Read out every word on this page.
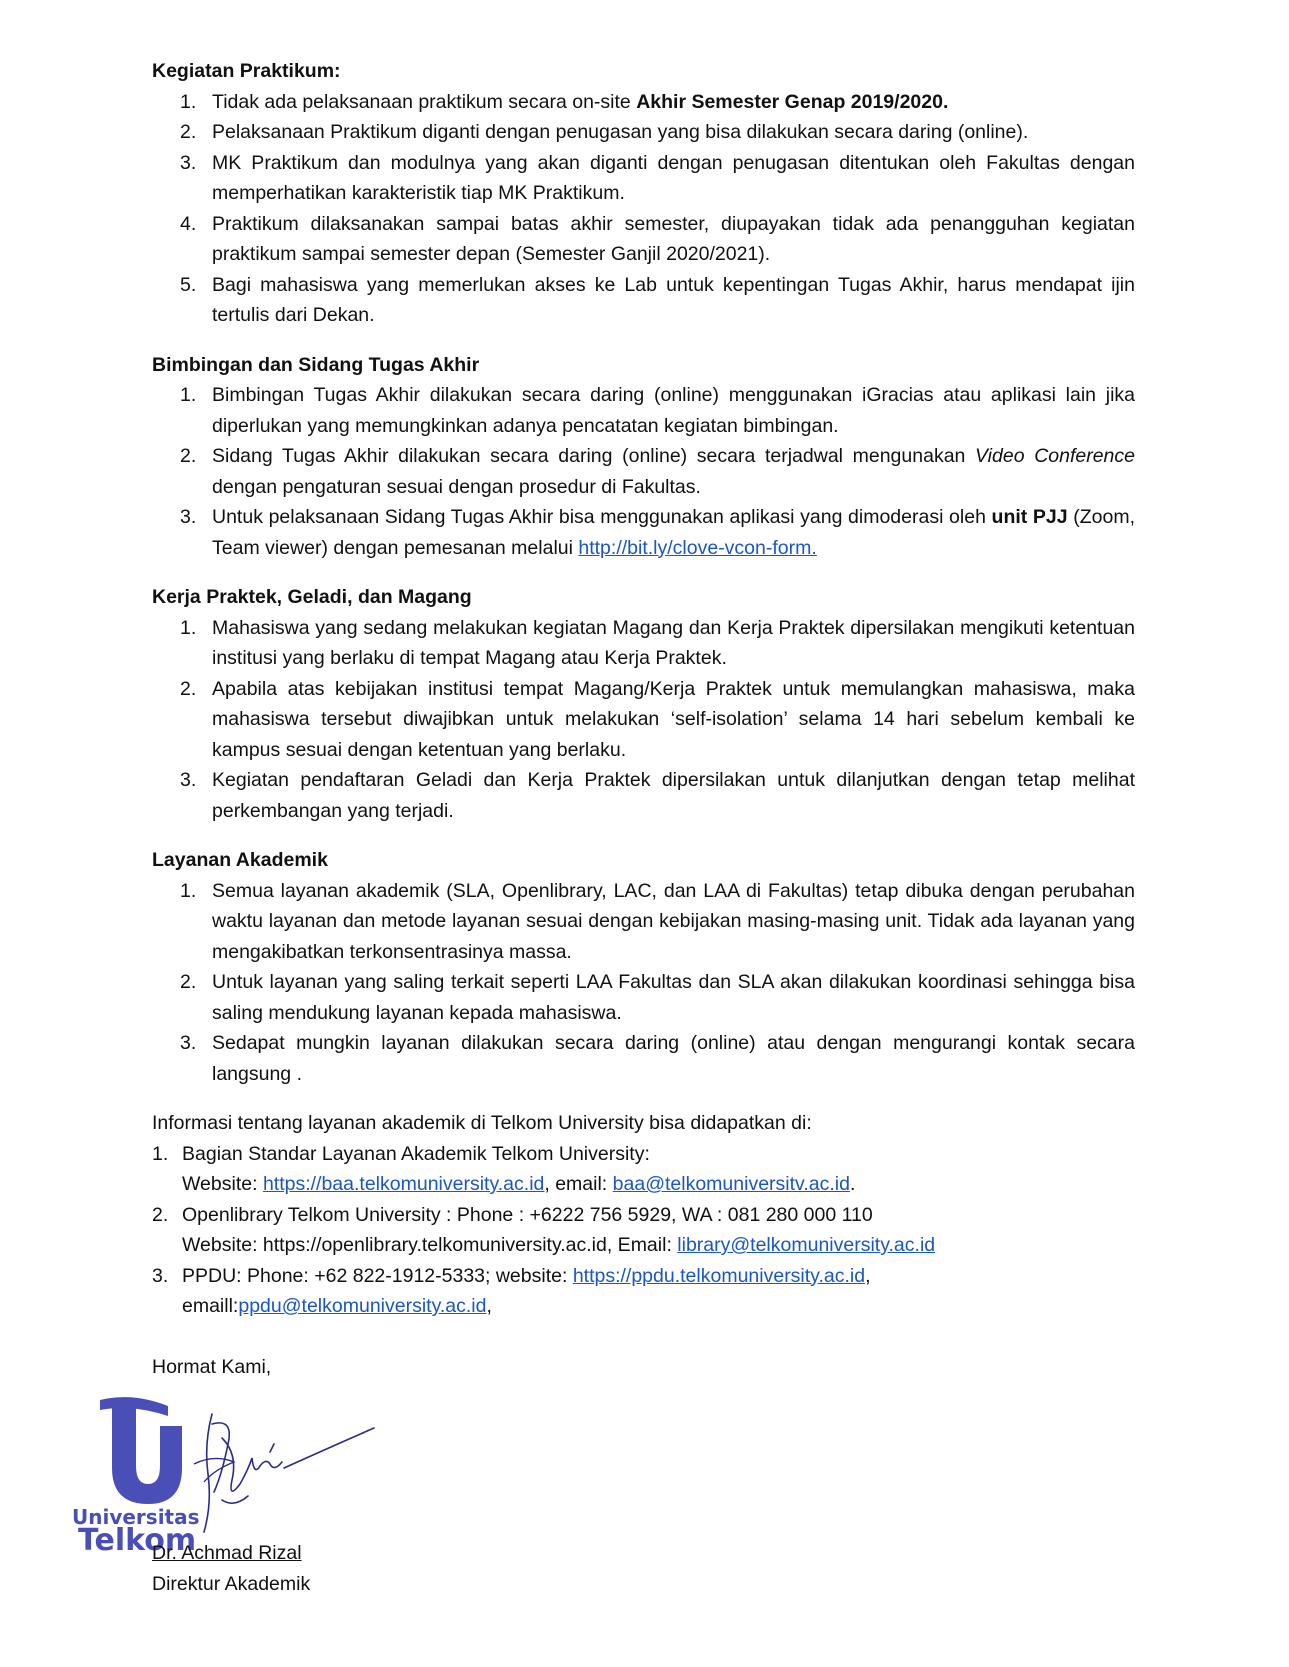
Kegiatan Praktikum:

1. Tidak ada pelaksanaan praktikum secara on-site Akhir Semester Genap 2019/2020.
2. Pelaksanaan Praktikum diganti dengan penugasan yang bisa dilakukan secara daring (online).
3. MK Praktikum dan modulnya yang akan diganti dengan penugasan ditentukan oleh Fakultas dengan memperhatikan karakteristik tiap MK Praktikum.
4. Praktikum dilaksanakan sampai batas akhir semester, diupayakan tidak ada penangguhan kegiatan praktikum sampai semester depan (Semester Ganjil 2020/2021).
5. Bagi mahasiswa yang memerlukan akses ke Lab untuk kepentingan Tugas Akhir, harus mendapat ijin tertulis dari Dekan.

Bimbingan dan Sidang Tugas Akhir

1. Bimbingan Tugas Akhir dilakukan secara daring (online) menggunakan iGracias atau aplikasi lain jika diperlukan yang memungkinkan adanya pencatatan kegiatan bimbingan.
2. Sidang Tugas Akhir dilakukan secara daring (online) secara terjadwal mengunakan Video Conference dengan pengaturan sesuai dengan prosedur di Fakultas.
3. Untuk pelaksanaan Sidang Tugas Akhir bisa menggunakan aplikasi yang dimoderasi oleh unit PJJ (Zoom, Team viewer) dengan pemesanan melalui http://bit.ly/clove-vcon-form.

Kerja Praktek, Geladi, dan Magang

1. Mahasiswa yang sedang melakukan kegiatan Magang dan Kerja Praktek dipersilakan mengikuti ketentuan institusi yang berlaku di tempat Magang atau Kerja Praktek.
2. Apabila atas kebijakan institusi tempat Magang/Kerja Praktek untuk memulangkan mahasiswa, maka mahasiswa tersebut diwajibkan untuk melakukan ‘self-isolation’ selama 14 hari sebelum kembali ke kampus sesuai dengan ketentuan yang berlaku.
3. Kegiatan pendaftaran Geladi dan Kerja Praktek dipersilakan untuk dilanjutkan dengan tetap melihat perkembangan yang terjadi.

Layanan Akademik

1. Semua layanan akademik (SLA, Openlibrary, LAC, dan LAA di Fakultas) tetap dibuka dengan perubahan waktu layanan dan metode layanan sesuai dengan kebijakan masing-masing unit. Tidak ada layanan yang mengakibatkan terkonsentrasinya massa.
2. Untuk layanan yang saling terkait seperti LAA Fakultas dan SLA akan dilakukan koordinasi sehingga bisa saling mendukung layanan kepada mahasiswa.
3. Sedapat mungkin layanan dilakukan secara daring (online) atau dengan mengurangi kontak secara langsung .

Informasi tentang layanan akademik di Telkom University bisa didapatkan di:

1. Bagian Standar Layanan Akademik Telkom University:
Website: https://baa.telkomuniversity.ac.id, email: baa@telkomuniversitv.ac.id.
2. Openlibrary Telkom University : Phone : +6222 756 5929, WA : 081 280 000 110
Website: https://openlibrary.telkomuniversity.ac.id, Email: library@telkomuniversity.ac.id
3. PPDU: Phone: +62 822-1912-5333; website: https://ppdu.telkomuniversity.ac.id,
emaill:ppdu@telkomuniversity.ac.id,

Hormat Kami,

Universitas
Telkom
Dr. Achmad Rizal
Direktur Akademik
